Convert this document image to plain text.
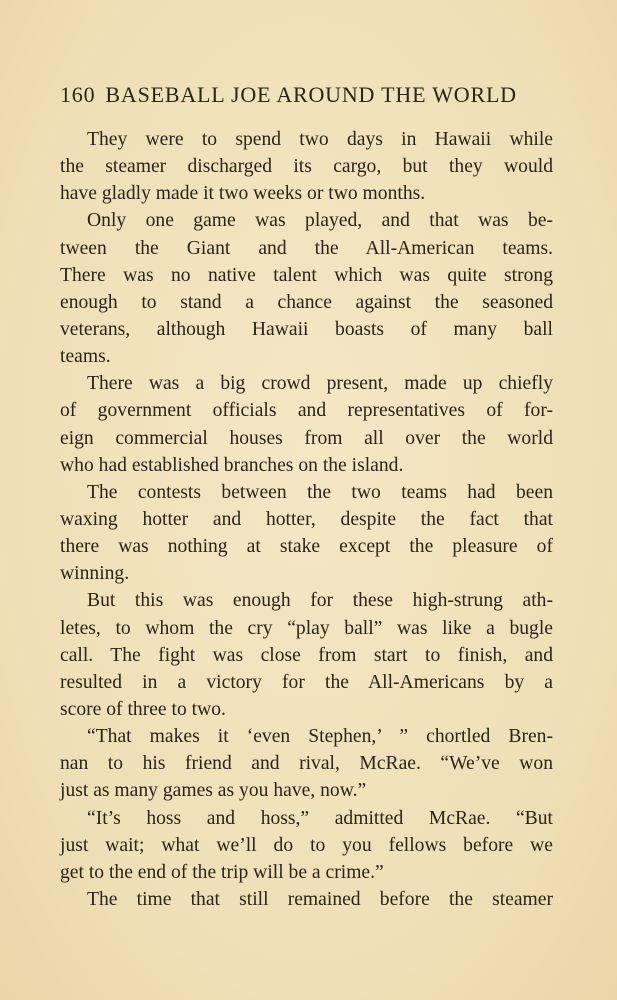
160 BASEBALL JOE AROUND THE WORLD
They were to spend two days in Hawaii while
the steamer discharged its cargo, but they would
have gladly made it two weeks or two months.
Only one game was played, and that was be-
tween the Giant and the All-American teams.
There was no native talent which was quite strong
enough to stand a chance against the seasoned
veterans, although Hawaii boasts of many ball
teams.
There was a big crowd present, made up chiefly
of government officials and representatives of for-
eign commercial houses from all over the world
who had established branches on the island.
The contests between the two teams had been
waxing hotter and hotter, despite the fact that
there was nothing at stake except the pleasure of
winning.
But this was enough for these high-strung ath-
letes, to whom the cry “play ball” was like a bugle
call. The fight was close from start to finish, and
resulted in a victory for the All-Americans by a
score of three to two.
“That makes it ‘even Stephen,’ ” chortled Bren-
nan to his friend and rival, McRae. “We’ve won
just as many games as you have, now.”
“It’s hoss and hoss,” admitted McRae. “But
just wait; what we’ll do to you fellows before we
get to the end of the trip will be a crime.”
The time that still remained before the steamer
